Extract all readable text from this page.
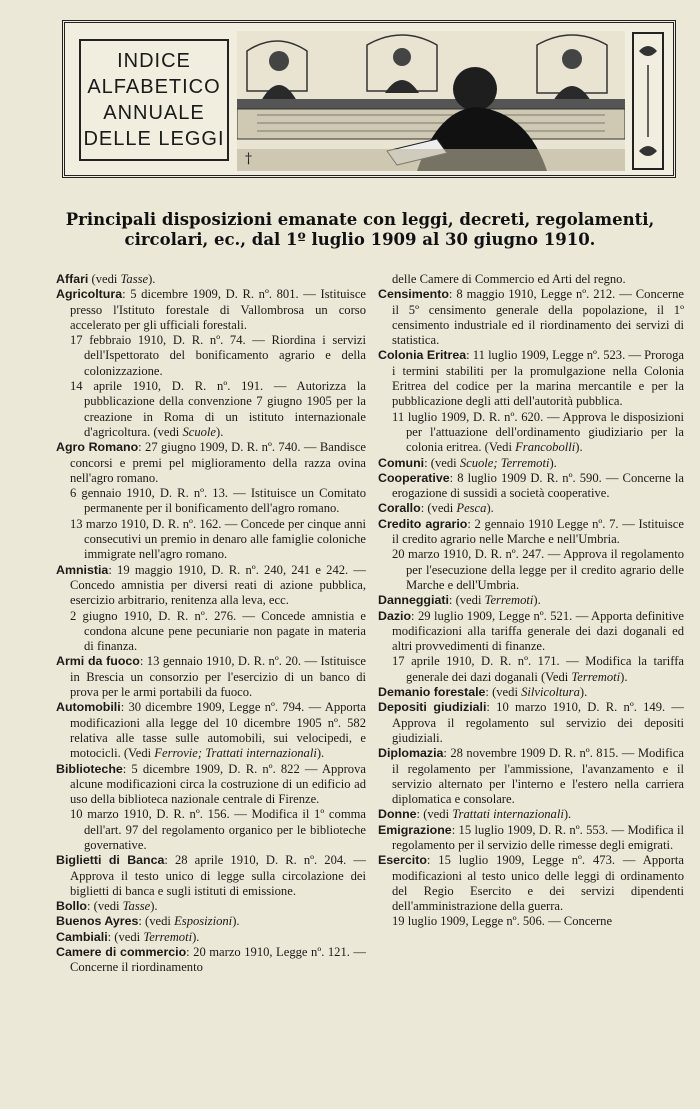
INDICE
ALFABETICO
ANNUALE
DELLE LEGGI
†
Principali disposizioni emanate con leggi, decreti, regolamenti,
circolari, ec., dal 1º luglio 1909 al 30 giugno 1910.

Affari (vedi Tasse).

Agricoltura: 5 dicembre 1909, D. R. nº. 801. — Istituisce presso l'Istituto forestale di Vallombrosa un corso accelerato per gli ufficiali forestali.

17 febbraio 1910, D. R. nº. 74. — Riordina i servizi dell'Ispettorato del bonificamento agrario e della colonizzazione.

14 aprile 1910, D. R. nº. 191. — Autorizza la pubblicazione della convenzione 7 giugno 1905 per la creazione in Roma di un istituto internazionale d'agricoltura. (vedi Scuole).

Agro Romano: 27 giugno 1909, D. R. nº. 740. — Bandisce concorsi e premi pel miglioramento della razza ovina nell'agro romano.

6 gennaio 1910, D. R. nº. 13. — Istituisce un Comitato permanente per il bonificamento dell'agro romano.

13 marzo 1910, D. R. nº. 162. — Concede per cinque anni consecutivi un premio in denaro alle famiglie coloniche immigrate nell'agro romano.

Amnistia: 19 maggio 1910, D. R. nº. 240, 241 e 242. — Concedo amnistia per diversi reati di azione pubblica, esercizio arbitrario, renitenza alla leva, ecc.

2 giugno 1910, D. R. nº. 276. — Concede amnistia e condona alcune pene pecuniarie non pagate in materia di finanza.

Armi da fuoco: 13 gennaio 1910, D. R. nº. 20. — Istituisce in Brescia un consorzio per l'esercizio di un banco di prova per le armi portabili da fuoco.

Automobili: 30 dicembre 1909, Legge nº. 794. — Apporta modificazioni alla legge del 10 dicembre 1905 nº. 582 relativa alle tasse sulle automobili, sui velocipedi, e motocicli. (Vedi Ferrovie; Trattati internazionali).

Biblioteche: 5 dicembre 1909, D. R. nº. 822 — Approva alcune modificazioni circa la costruzione di un edificio ad uso della biblioteca nazionale centrale di Firenze.

10 marzo 1910, D. R. nº. 156. — Modifica il 1º comma dell'art. 97 del regolamento organico per le biblioteche governative.

Biglietti di Banca: 28 aprile 1910, D. R. nº. 204. — Approva il testo unico di legge sulla circolazione dei biglietti di banca e sugli istituti di emissione.

Bollo: (vedi Tasse).

Buenos Ayres: (vedi Esposizioni).

Cambiali: (vedi Terremoti).

Camere di commercio: 20 marzo 1910, Legge nº. 121. — Concerne il riordinamento

delle Camere di Commercio ed Arti del regno.

Censimento: 8 maggio 1910, Legge nº. 212. — Concerne il 5º censimento generale della popolazione, il 1º censimento industriale ed il riordinamento dei servizi di statistica.

Colonia Eritrea: 11 luglio 1909, Legge nº. 523. — Proroga i termini stabiliti per la promulgazione nella Colonia Eritrea del codice per la marina mercantile e per la pubblicazione degli atti dell'autorità pubblica.

11 luglio 1909, D. R. nº. 620. — Approva le disposizioni per l'attuazione dell'ordinamento giudiziario per la colonia eritrea. (Vedi Francobolli).

Comuni: (vedi Scuole; Terremoti).

Cooperative: 8 luglio 1909 D. R. nº. 590. — Concerne la erogazione di sussidi a società cooperative.

Corallo: (vedi Pesca).

Credito agrario: 2 gennaio 1910 Legge nº. 7. — Istituisce il credito agrario nelle Marche e nell'Umbria.

20 marzo 1910, D. R. nº. 247. — Approva il regolamento per l'esecuzione della legge per il credito agrario delle Marche e dell'Umbria.

Danneggiati: (vedi Terremoti).

Dazio: 29 luglio 1909, Legge nº. 521. — Apporta definitive modificazioni alla tariffa generale dei dazi doganali ed altri provvedimenti di finanze.

17 aprile 1910, D. R. nº. 171. — Modifica la tariffa generale dei dazi doganali (Vedi Terremoti).

Demanio forestale: (vedi Silvicoltura).

Depositi giudiziali: 10 marzo 1910, D. R. nº. 149. — Approva il regolamento sul servizio dei depositi giudiziali.

Diplomazia: 28 novembre 1909 D. R. nº. 815. — Modifica il regolamento per l'ammissione, l'avanzamento e il servizio alternato per l'interno e l'estero nella carriera diplomatica e consolare.

Donne: (vedi Trattati internazionali).

Emigrazione: 15 luglio 1909, D. R. nº. 553. — Modifica il regolamento per il servizio delle rimesse degli emigrati.

Esercito: 15 luglio 1909, Legge nº. 473. — Apporta modificazioni al testo unico delle leggi di ordinamento del Regio Esercito e dei servizi dipendenti dell'amministrazione della guerra.

19 luglio 1909, Legge nº. 506. — Concerne
